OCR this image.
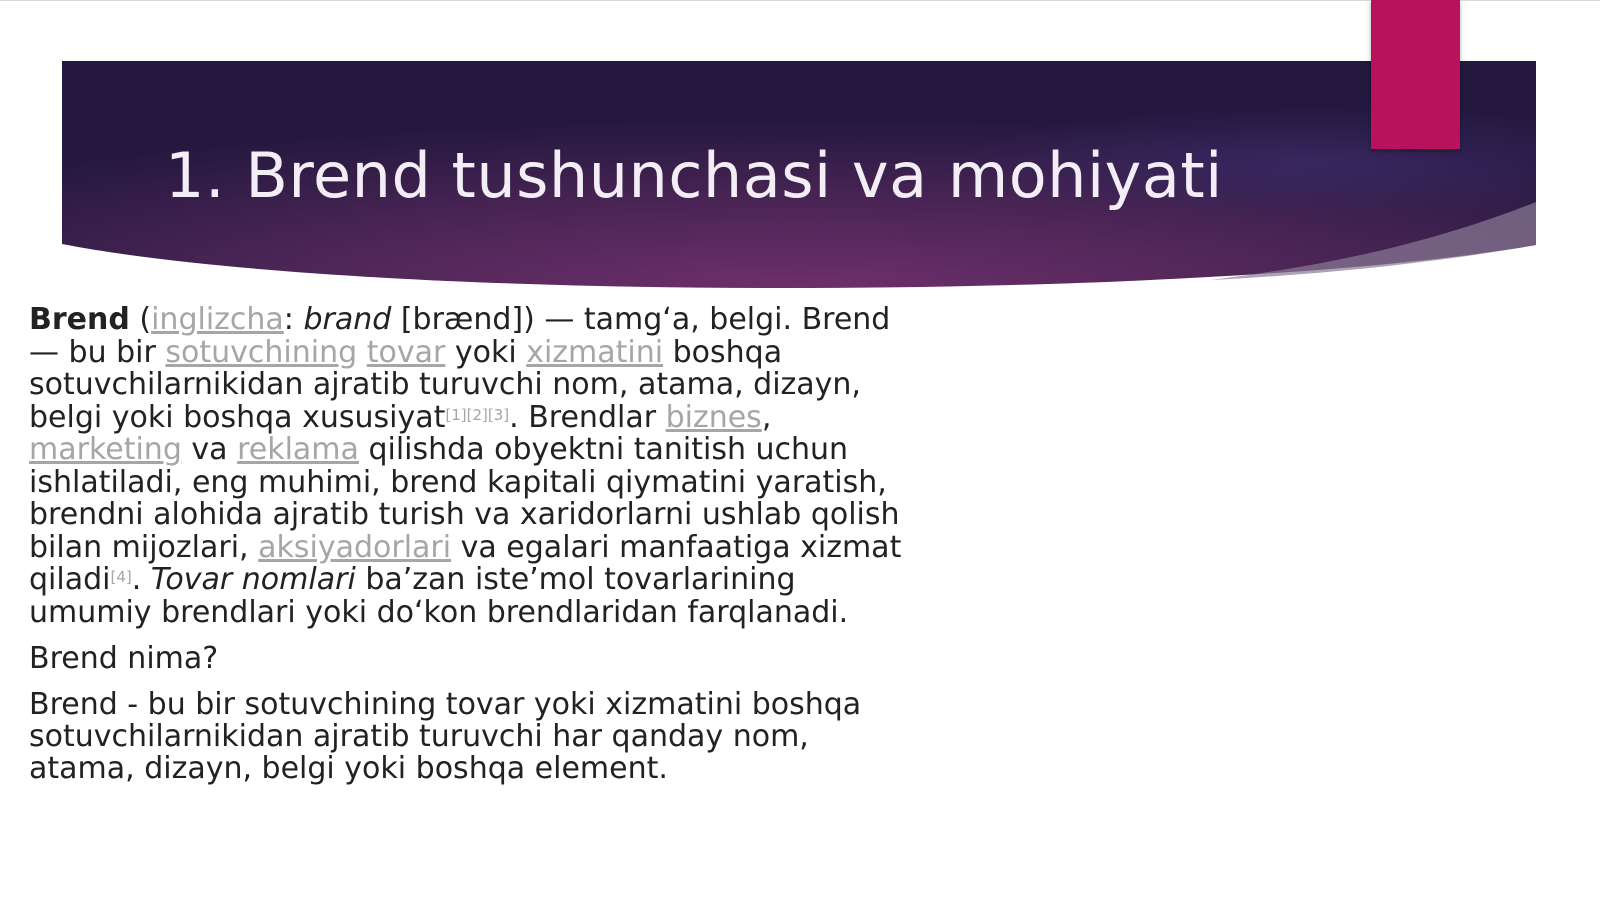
1. Brend tushunchasi va mohiyati

Brend (inglizcha: brand [brænd]) — tamgʻa, belgi. Brend — bu bir sotuvchining tovar yoki xizmatini boshqa sotuvchilarnikidan ajratib turuvchi nom, atama, dizayn, belgi yoki boshqa xususiyat[1][2][3]. Brendlar biznes, marketing va reklama qilishda obyektni tanitish uchun ishlatiladi, eng muhimi, brend kapitali qiymatini yaratish, brendni alohida ajratib turish va xaridorlarni ushlab qolish bilan mijozlari, aksiyadorlari va egalari manfaatiga xizmat qiladi[4]. Tovar nomlari baʼzan isteʼmol tovarlarining umumiy brendlari yoki doʻkon brendlaridan farqlanadi.

Brend nima?

Brend - bu bir sotuvchining tovar yoki xizmatini boshqa sotuvchilarnikidan ajratib turuvchi har qanday nom, atama, dizayn, belgi yoki boshqa element.
